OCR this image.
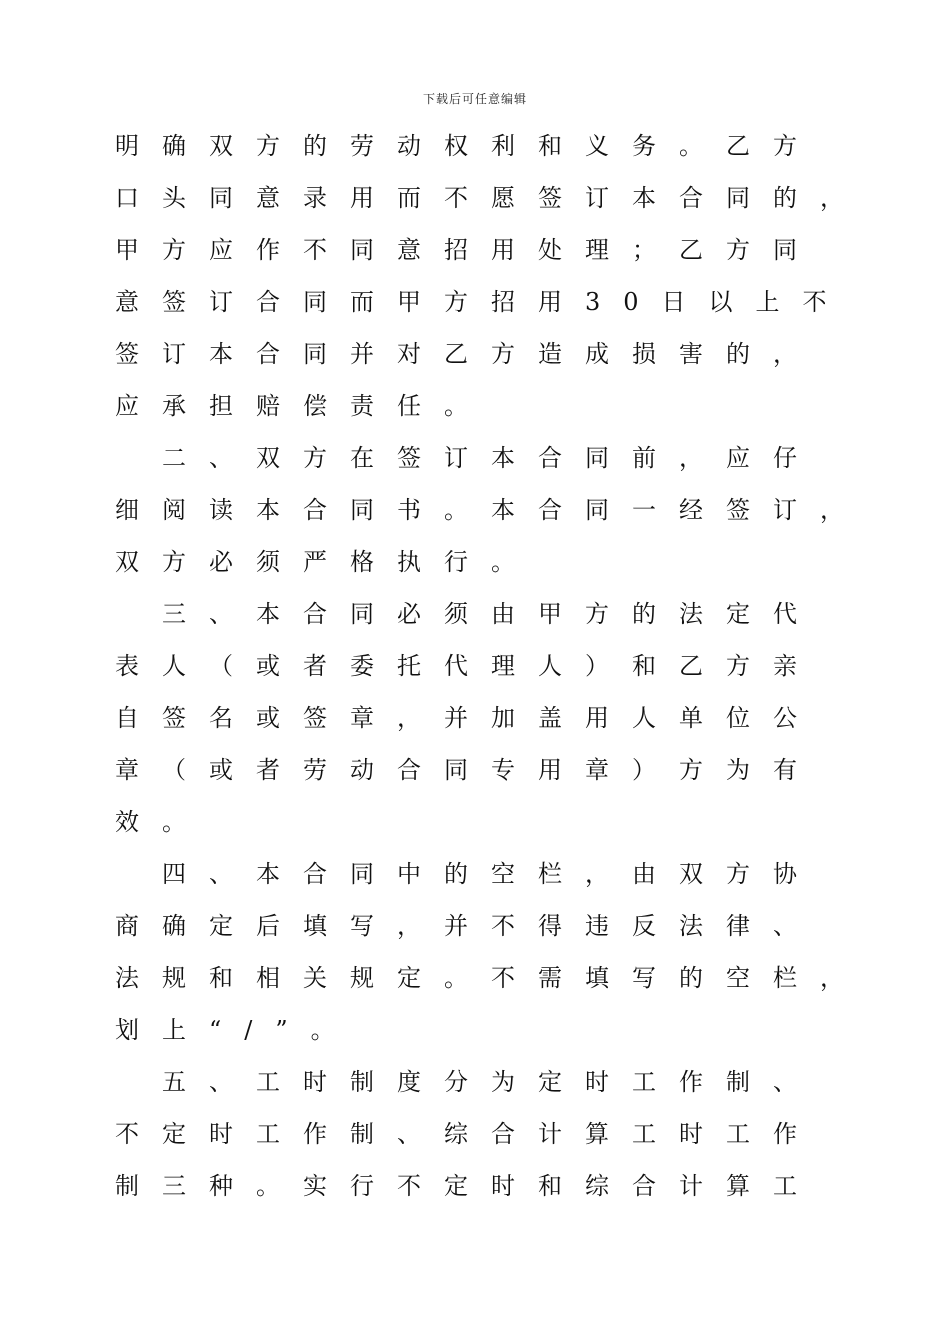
下载后可任意编辑
明确双方的劳动权利和义务。乙方
口头同意录用而不愿签订本合同的，
甲方应作不同意招用处理；乙方同
意签订合同而甲方招用30日以上不
签订本合同并对乙方造成损害的，
应承担赔偿责任。
二、双方在签订本合同前，应仔
细阅读本合同书。本合同一经签订，
双方必须严格执行。
三、本合同必须由甲方的法定代
表人（或者委托代理人）和乙方亲
自签名或签章，并加盖用人单位公
章（或者劳动合同专用章）方为有
效。
四、本合同中的空栏，由双方协
商确定后填写，并不得违反法律、
法规和相关规定。不需填写的空栏，
划上“/”。
五、工时制度分为定时工作制、
不定时工作制、综合计算工时工作
制三种。实行不定时和综合计算工
